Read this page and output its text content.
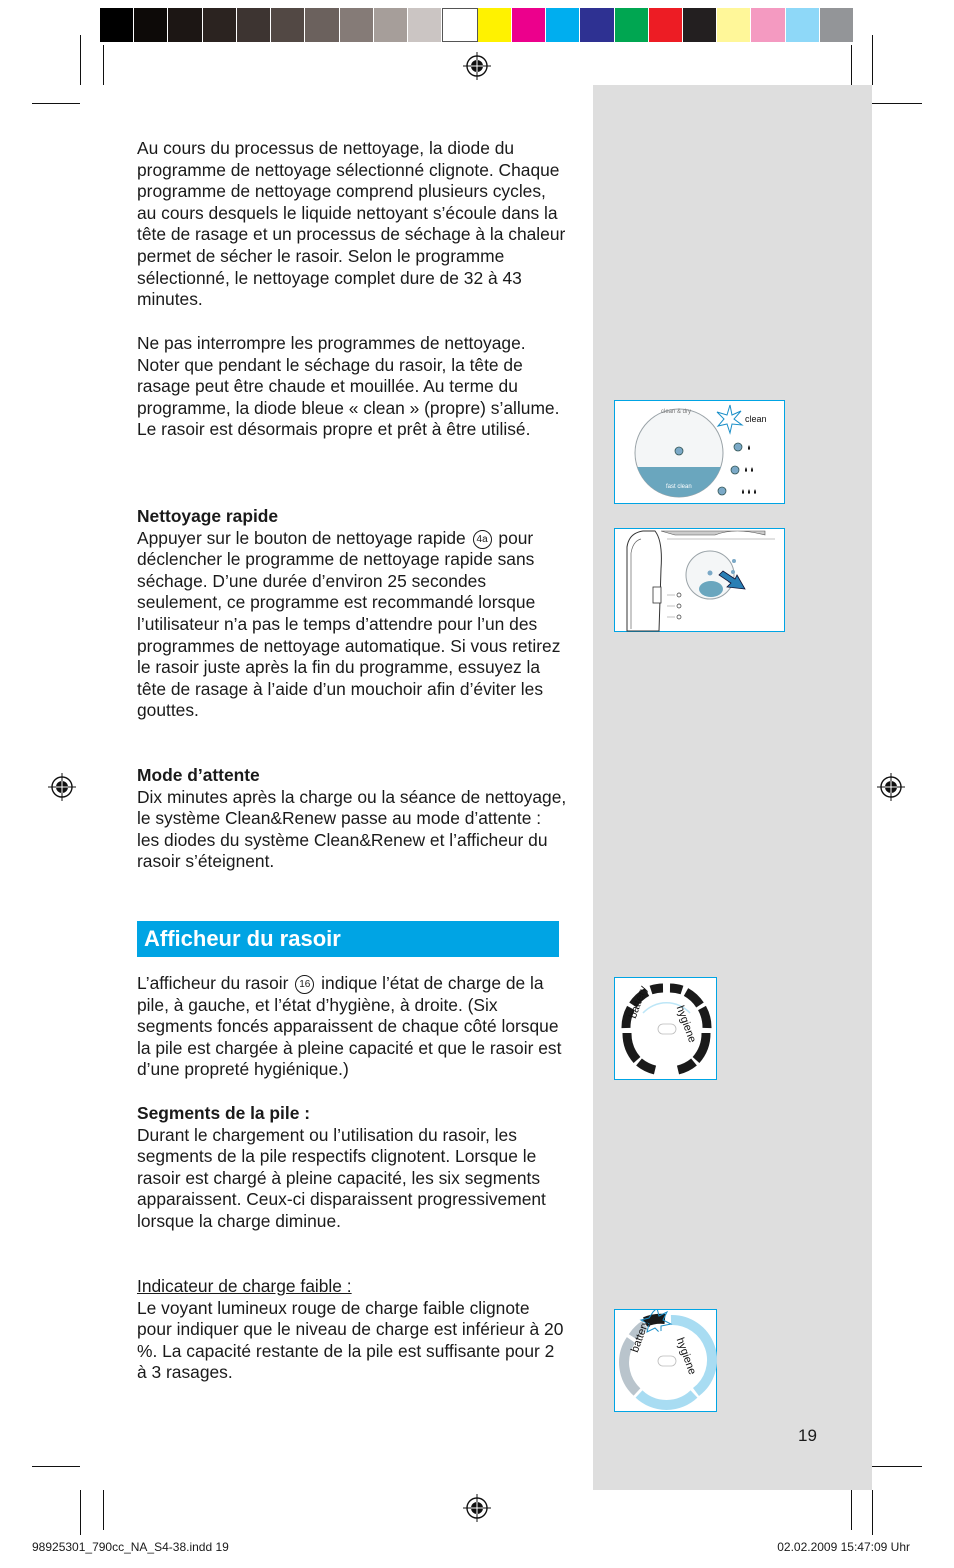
Au cours du processus de nettoyage, la diode du programme de nettoyage sélectionné clignote. Chaque programme de nettoyage comprend plusieurs cycles, au cours desquels le liquide nettoyant s’écoule dans la tête de rasage et un processus de séchage à la chaleur permet de sécher le rasoir. Selon le programme sélectionné, le nettoyage complet dure de 32 à 43 minutes.

Ne pas interrompre les programmes de nettoyage. Noter que pendant le séchage du rasoir, la tête de rasage peut être chaude et mouillée. Au terme du programme, la diode bleue « clean » (propre) s’allume. Le rasoir est désormais propre et prêt à être utilisé.

Nettoyage rapide
Appuyer sur le bouton de nettoyage rapide 4a pour déclencher le programme de nettoyage rapide sans séchage. D’une durée d’environ 25 secondes seulement, ce programme est recommandé lorsque l’utilisateur n’a pas le temps d’attendre pour l’un des programmes de nettoyage automatique. Si vous retirez le rasoir juste après la fin du programme, essuyez la tête de rasage à l’aide d’un mouchoir afin d’éviter les gouttes.

Mode d’attente
Dix minutes après la charge ou la séance de nettoyage, le système Clean&Renew passe au mode d’attente : les diodes du système Clean&Renew et l’afficheur du rasoir s’éteignent.

Afficheur du rasoir

L’afficheur du rasoir 16 indique l’état de charge de la pile, à gauche, et l’état d’hygiène, à droite. (Six segments foncés apparaissent de chaque côté lorsque la pile est chargée à pleine capacité et que le rasoir est d’une propreté hygiénique.)

Segments de la pile :
Durant le chargement ou l’utilisation du rasoir, les segments de la pile respectifs clignotent. Lorsque le rasoir est chargé à pleine capacité, les six segments apparaissent. Ceux-ci disparaissent progressivement lorsque la charge diminue.

Indicateur de charge faible :
Le voyant lumineux rouge de charge faible clignote pour indiquer que le niveau de charge est inférieur à 20 %. La capacité restante de la pile est suffisante pour 2 à 3 rasages.

clean & dry
fast clean
clean
battery
hygiene
battery hygiene
19
98925301_790cc_NA_S4-38.indd 19	02.02.2009 15:47:09 Uhr
